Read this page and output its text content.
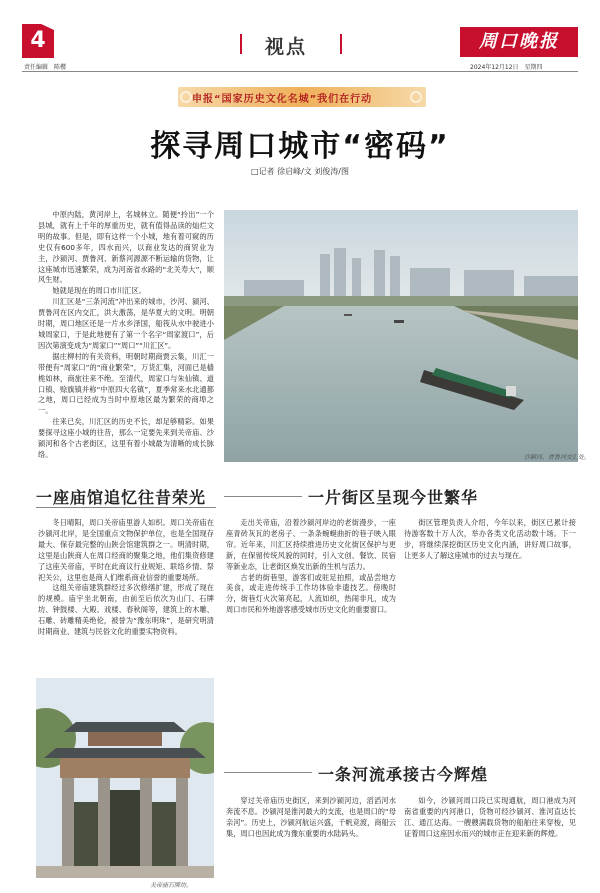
4	视点	周口晚报
责任编辑　陈樱	2024年12月12日　星期四
申报“国家历史文化名城”我们在行动
探寻周口城市“密码”
□记者 徐启峰/文 刘俊涛/图

中原内陆，黄河岸上，名城林立。随便“拎出”一个县城，就有上千年的厚重历史，就有值得品读的灿烂文明的故事。但是，即有这样一个小城，地有着可窥的历史仅有600多年，四水而兴，以商业发达的商贸业为主，沙颍河、贾鲁河、新蔡河源源不断运输的货物，让这座城市迅速繁荣，成为河南省水路的“北关寿大”，顺风生财。

她就是现在的周口市川汇区。

川汇区是“三条河流”冲出来的城市，沙河、颍河、贾鲁河在区内交汇，洪大激荡，是华夏大的文明。明朝时期，周口地区还是一片水乡泽国，船筏从水中驶进小城周家口，于是此地便有了第一个名字“周家渡口”，后因次第演变成为“周家口”“周口”“川汇区”。

据庄柳村的有关资料，明朝时期商贾云集，川汇一带便有“周家口”的“商业繁荣”，万货汇集，河面已是樯桅如林，商旅往来不绝。至清代，周家口与朱仙镇、道口镇、赊旗镇并称“中原四大名镇”，夏季常来水北通都之地，周口已经成为当时中原地区最为繁荣的商埠之一。

往来已矣，川汇区的历史不长，却足够精彩。如果要探寻这座小城的往昔，那么一定要先来到关帝庙、沙颍河和各个古老街区，这里有着小城最为清晰的成长脉络。	沙颍河、贾鲁河交汇处。
一座庙馆追忆往昔荣光

冬日晴阳，周口关帝庙里游人如织。周口关帝庙在沙颍河北岸，是全国重点文物保护单位，也是全国现存最大、保存最完整的山陕会馆建筑群之一。明清时期，这里是山陕商人在周口经商的聚集之地，他们集资修建了这座关帝庙，平时在此商议行业规矩、联络乡情、祭祀关公，这里也是商人们维系商业信誉的重要场所。

这组关帝庙建筑群经过多次修缮扩建，形成了现在的规模。庙宇坐北朝南，由前至后依次为山门、石牌坊、钟鼓楼、大殿、戏楼、春秋阁等，建筑上的木雕、石雕、砖雕精美绝伦，被誉为“豫东明珠”，是研究明清时期商业、建筑与民俗文化的重要实物资料。

一片街区呈现今世繁华

走出关帝庙，沿着沙颍河岸边的老街漫步，一座座青砖灰瓦的老房子、一条条蜿蜒曲折的巷子映入眼帘。近年来，川汇区持续推进历史文化街区保护与更新，在保留传统风貌的同时，引入文创、餐饮、民宿等新业态，让老街区焕发出新的生机与活力。

古老的街巷里，游客们或驻足拍照，或品尝地方美食，或走进传统手工作坊体验非遗技艺。傍晚时分，街巷灯火次第亮起，人流如织，热闹非凡，成为周口市民和外地游客感受城市历史文化的重要窗口。

街区管理负责人介绍，今年以来，街区已累计接待游客数十万人次，举办各类文化活动数十场。下一步，将继续深挖街区历史文化内涵，讲好周口故事，让更多人了解这座城市的过去与现在。

一条河流承接古今辉煌

穿过关帝庙历史街区，来到沙颍河边，滔滔河水奔流不息。沙颍河是淮河最大的支流，也是周口的“母亲河”。历史上，沙颍河航运兴盛，千帆竞渡，商船云集，周口也因此成为豫东重要的水陆码头。

如今，沙颍河周口段已实现通航，周口港成为河南省重要的内河港口，货物可经沙颍河、淮河直达长江、通江达海。一艘艘满载货物的船舶往来穿梭，见证着周口这座因水而兴的城市正在迎来新的辉煌。

关帝庙石牌坊。
